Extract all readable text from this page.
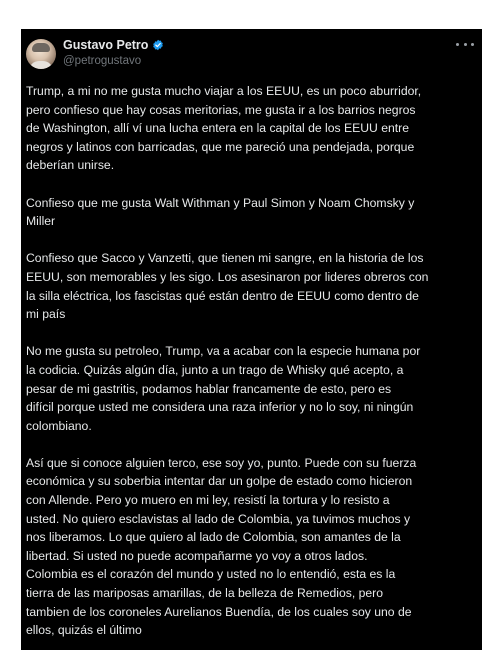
Gustavo Petro
@petrogustavo

Trump, a mi no me gusta mucho viajar a los EEUU, es un poco aburridor,
pero confieso que hay cosas meritorias, me gusta ir a los barrios negros
de Washington, allí ví una lucha entera en la capital de los EEUU entre
negros y latinos con barricadas, que me pareció una pendejada, porque
deberían unirse.

Confieso que me gusta Walt Withman y Paul Simon y Noam Chomsky y
Miller

Confieso que Sacco y Vanzetti, que tienen mi sangre, en la historia de los
EEUU, son memorables y les sigo. Los asesinaron por lideres obreros con
la silla eléctrica, los fascistas qué están dentro de EEUU como dentro de
mi país

No me gusta su petroleo, Trump, va a acabar con la especie humana por
la codicia. Quizás algún día, junto a un trago de Whisky qué acepto, a
pesar de mi gastritis, podamos hablar francamente de esto, pero es
difícil porque usted me considera una raza inferior y no lo soy, ni ningún
colombiano.

Así que si conoce alguien terco, ese soy yo, punto. Puede con su fuerza
económica y su soberbia intentar dar un golpe de estado como hicieron
con Allende. Pero yo muero en mi ley, resistí la tortura y lo resisto a
usted. No quiero esclavistas al lado de Colombia, ya tuvimos muchos y
nos liberamos. Lo que quiero al lado de Colombia, son amantes de la
libertad. Si usted no puede acompañarme yo voy a otros lados.
Colombia es el corazón del mundo y usted no lo entendió, esta es la
tierra de las mariposas amarillas, de la belleza de Remedios, pero
tambien de los coroneles Aurelianos Buendía, de los cuales soy uno de
ellos, quizás el último
